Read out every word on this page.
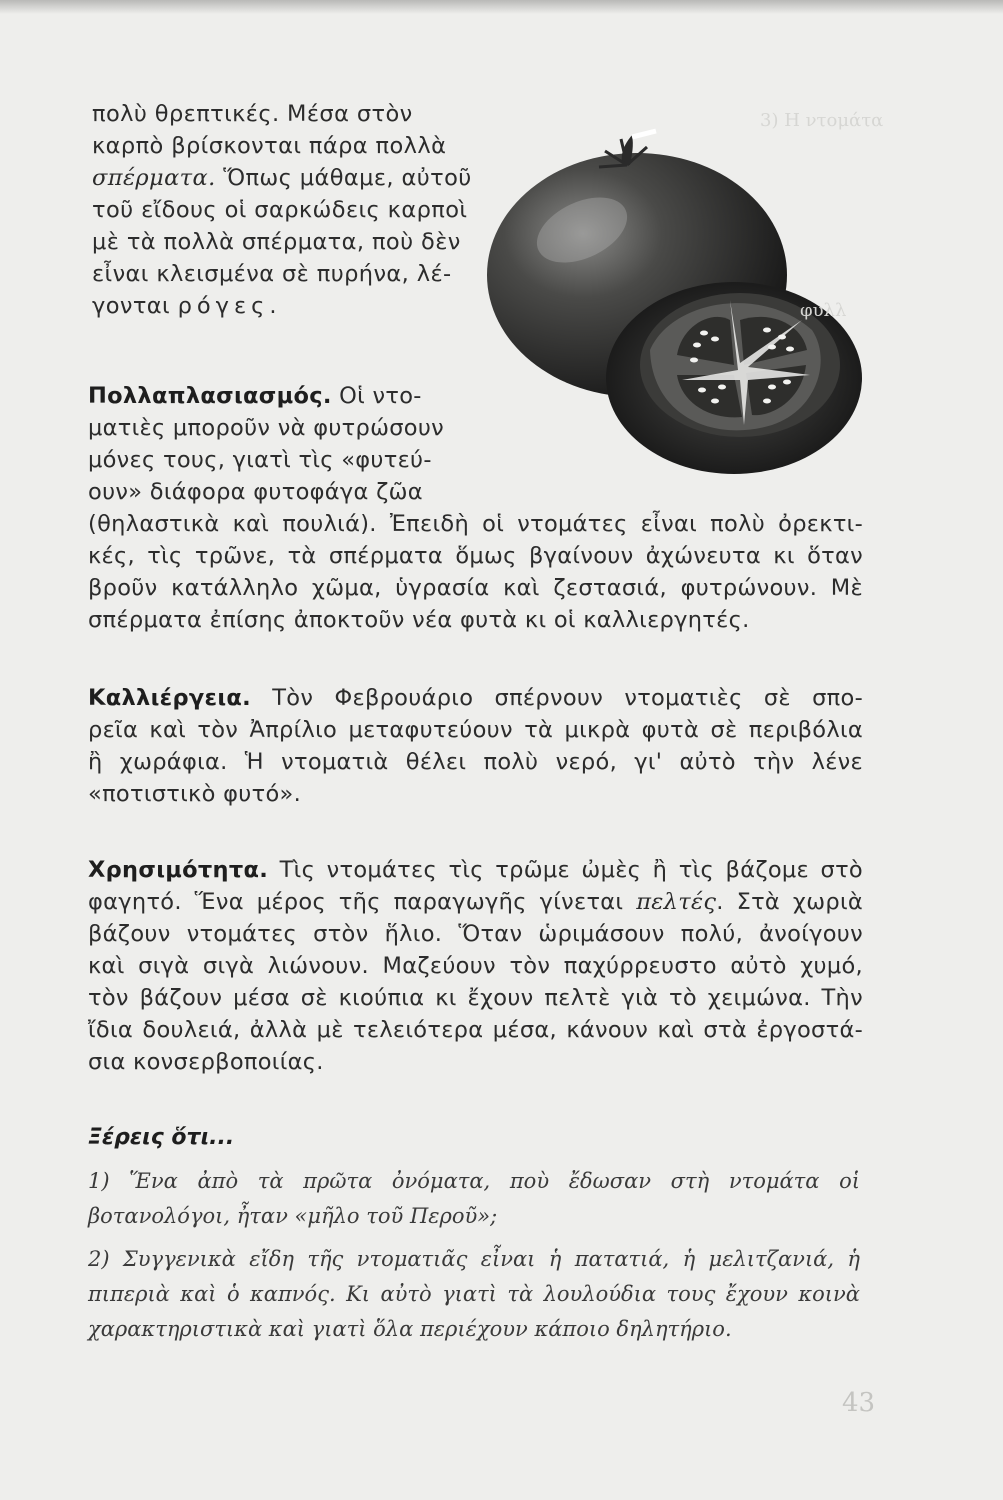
3) Η ντομάτα
φυλλ
πολὺ θρεπτικές. Μέσα στὸν
καρπὸ βρίσκονται πάρα πολλὰ
σπέρματα. Ὅπως μάθαμε, αὐτοῦ
τοῦ εἴδους οἱ σαρκώδεις καρποὶ
μὲ τὰ πολλὰ σπέρματα, ποὺ δὲν
εἶναι κλεισμένα σὲ πυρήνα, λέ-
γονται ρόγες.
Πολλαπλασιασμός. Οἱ ντο-
ματιὲς μποροῦν νὰ φυτρώσουν
μόνες τους, γιατὶ τὶς «φυτεύ-
ουν» διάφορα φυτοφάγα ζῶα
(θηλαστικὰ καὶ πουλιά). Ἐπειδὴ οἱ ντομάτες εἶναι πολὺ ὀρεκτι-
κές, τὶς τρῶνε, τὰ σπέρματα ὅμως βγαίνουν ἀχώνευτα κι ὅταν
βροῦν κατάλληλο χῶμα, ὑγρασία καὶ ζεστασιά, φυτρώνουν. Μὲ
σπέρματα ἐπίσης ἀποκτοῦν νέα φυτὰ κι οἱ καλλιεργητές.
Καλλιέργεια. Τὸν Φεβρουάριο σπέρνουν ντοματιὲς σὲ σπο-
ρεῖα καὶ τὸν Ἀπρίλιο μεταφυτεύουν τὰ μικρὰ φυτὰ σὲ περιβόλια
ἢ χωράφια. Ἡ ντοματιὰ θέλει πολὺ νερό, γι' αὐτὸ τὴν λένε
«ποτιστικὸ φυτό».
Χρησιμότητα. Τὶς ντομάτες τὶς τρῶμε ὠμὲς ἢ τὶς βάζομε στὸ
φαγητό. Ἕνα μέρος τῆς παραγωγῆς γίνεται πελτές. Στὰ χωριὰ
βάζουν ντομάτες στὸν ἥλιο. Ὅταν ὡριμάσουν πολύ, ἀνοίγουν
καὶ σιγὰ σιγὰ λιώνουν. Μαζεύουν τὸν παχύρρευστο αὐτὸ χυμό,
τὸν βάζουν μέσα σὲ κιούπια κι ἔχουν πελτὲ γιὰ τὸ χειμώνα. Τὴν
ἴδια δουλειά, ἀλλὰ μὲ τελειότερα μέσα, κάνουν καὶ στὰ ἐργοστά-
σια κονσερβοποιίας.
Ξέρεις ὅτι...
1) Ἕνα ἀπὸ τὰ πρῶτα ὀνόματα, ποὺ ἔδωσαν στὴ ντομάτα οἱ
βοτανολόγοι, ἦταν «μῆλο τοῦ Περοῦ»;
2) Συγγενικὰ εἴδη τῆς ντοματιᾶς εἶναι ἡ πατατιά, ἡ μελιτζανιά, ἡ
πιπεριὰ καὶ ὁ καπνός. Κι αὐτὸ γιατὶ τὰ λουλούδια τους ἔχουν κοινὰ
χαρακτηριστικὰ καὶ γιατὶ ὅλα περιέχουν κάποιο δηλητήριο.
43
